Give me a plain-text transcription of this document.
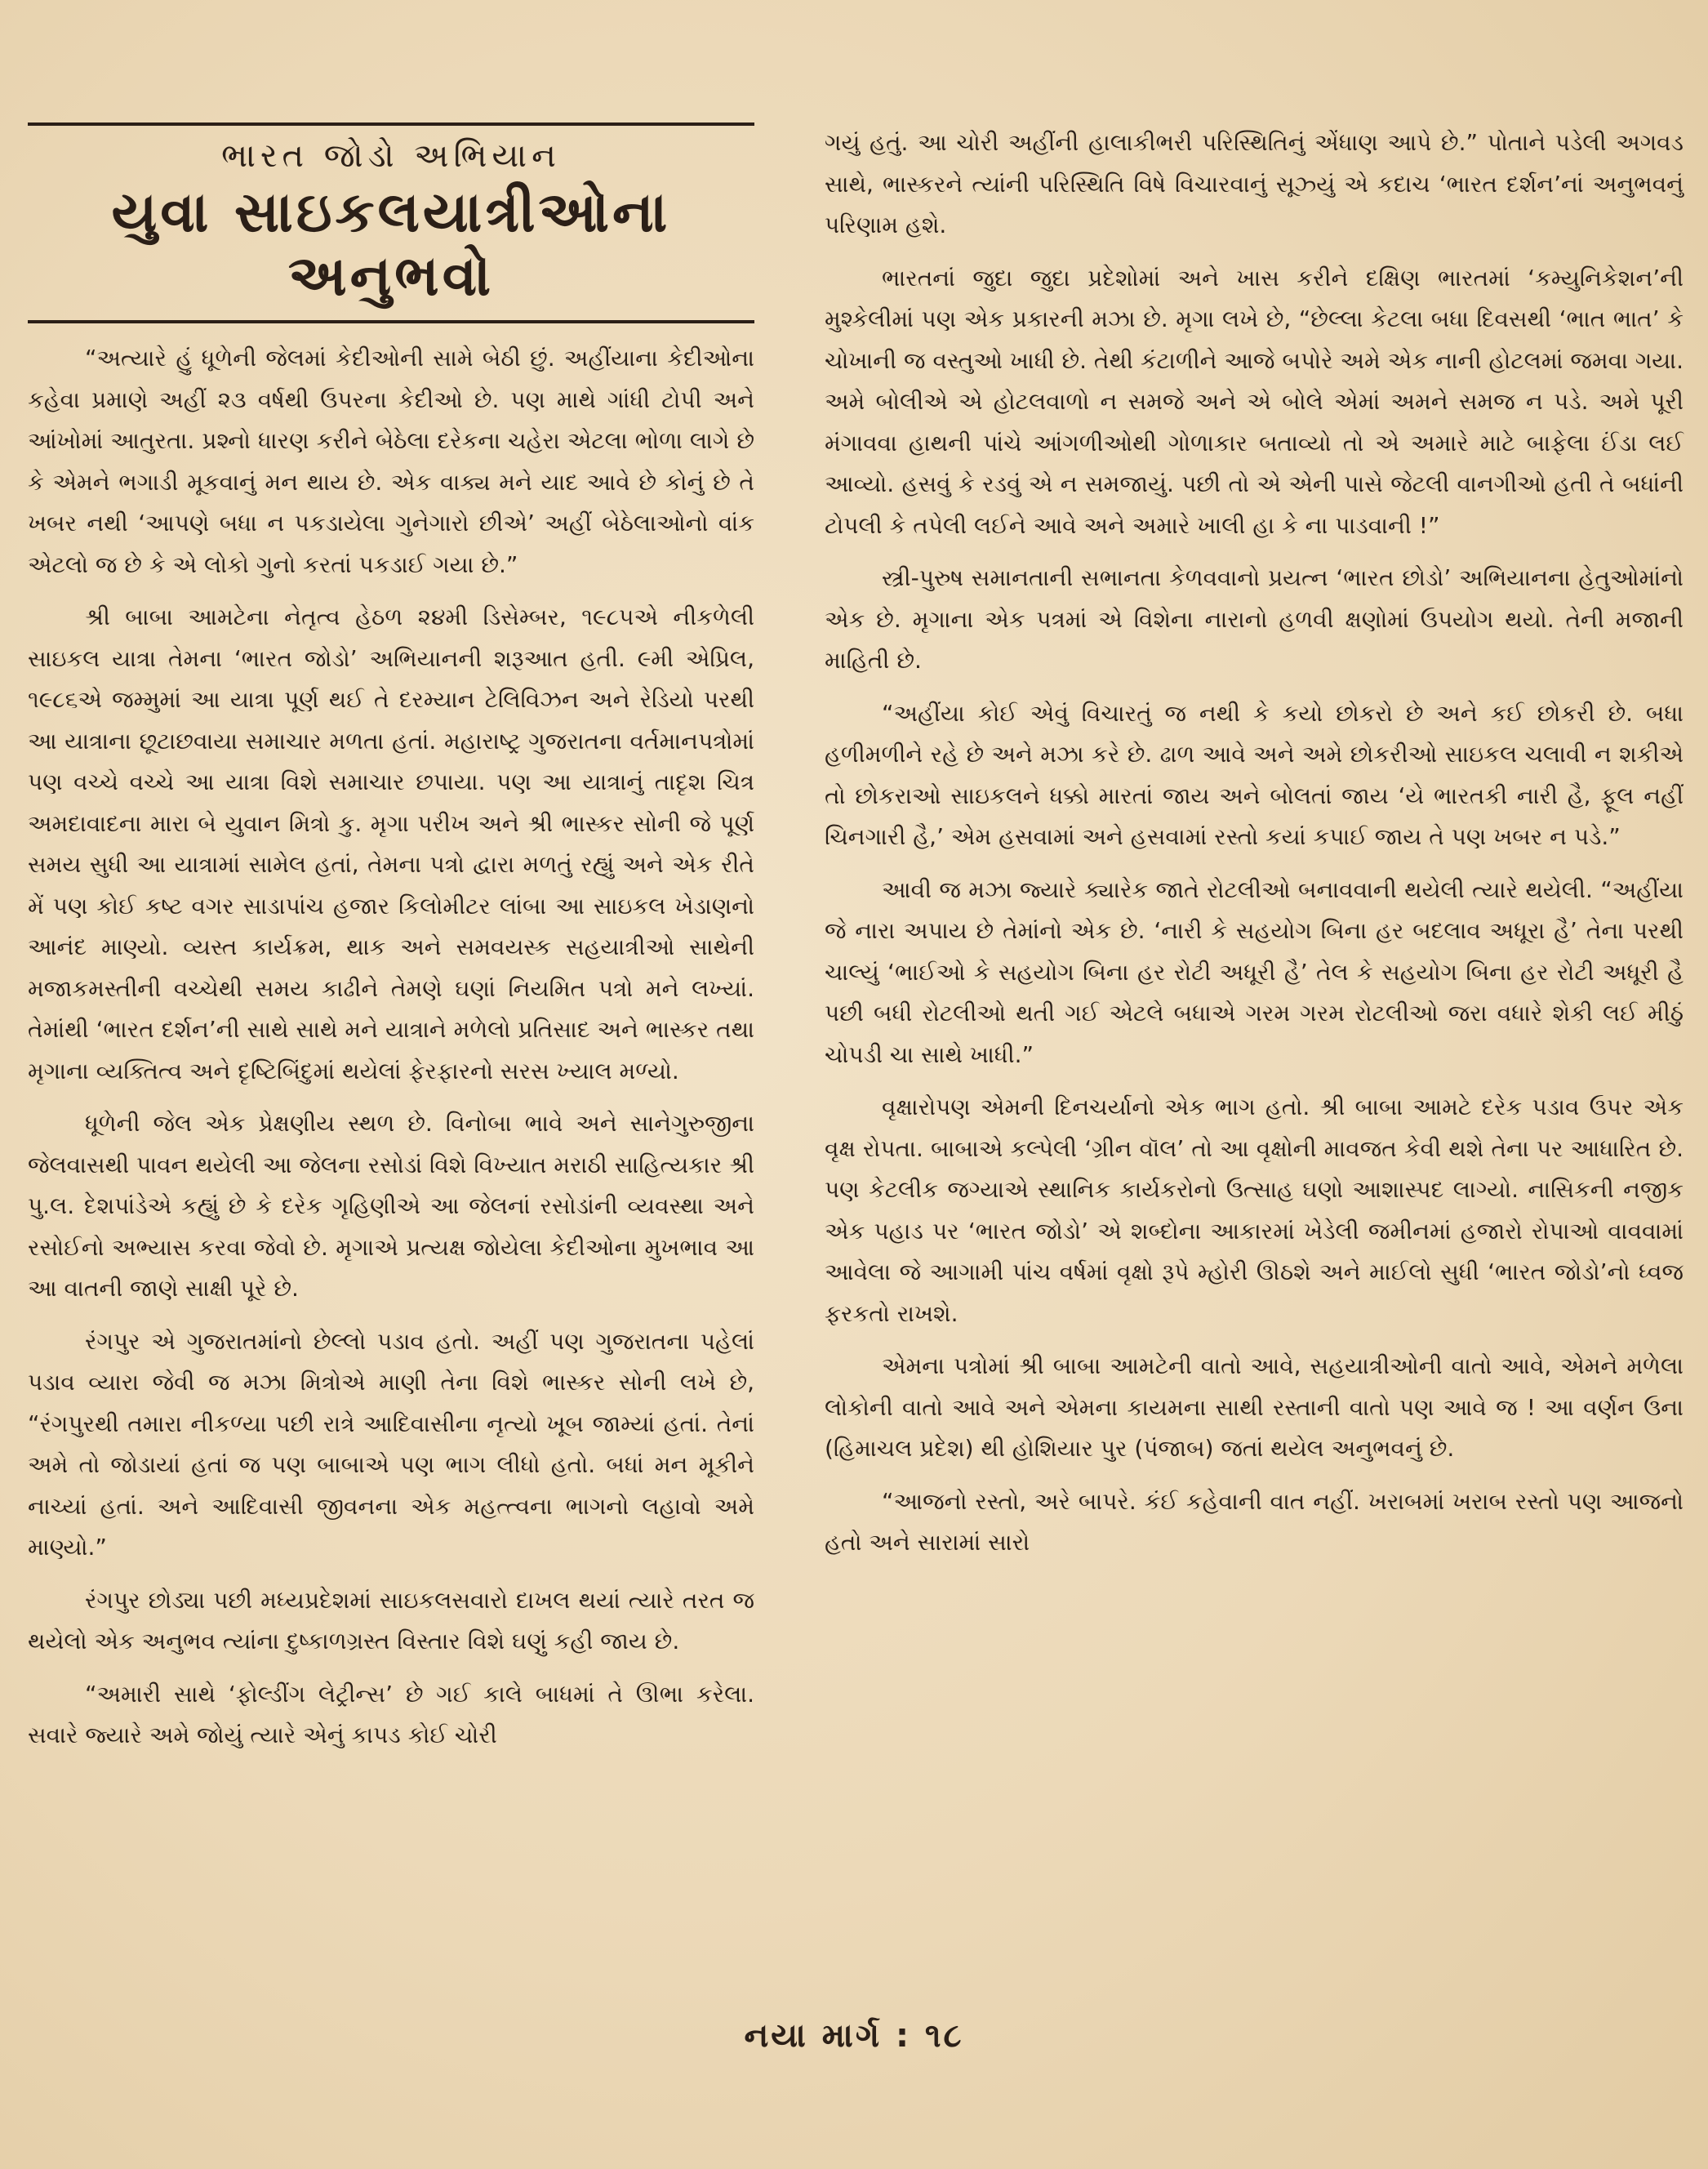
ભારત જોડો અભિયાન
યુવા સાઇકલયાત્રીઓના અનુભવો

“અત્યારે હું ધૂળેની જેલમાં કેદીઓની સામે બેઠી છું. અહીંયાના કેદીઓના કહેવા પ્રમાણે અહીં ૨૩ વર્ષથી ઉપરના કેદીઓ છે. પણ માથે ગાંધી ટોપી અને આંખોમાં આતુરતા. પ્રશ્નો ધારણ કરીને બેઠેલા દરેકના ચહેરા એટલા ભોળા લાગે છે કે એમને ભગાડી મૂકવાનું મન થાય છે. એક વાક્ય મને યાદ આવે છે કોનું છે તે ખબર નથી ‘આપણે બધા ન પકડાયેલા ગુનેગારો છીએ’ અહીં બેઠેલાઓનો વાંક એટલો જ છે કે એ લોકો ગુનો કરતાં પકડાઈ ગયા છે.”

શ્રી બાબા આમટેના નેતૃત્વ હેઠળ ૨૪મી ડિસેમ્બર, ૧૯૮૫એ નીકળેલી સાઇકલ યાત્રા તેમના ‘ભારત જોડો’ અભિયાનની શરૂઆત હતી. ૯મી એપ્રિલ, ૧૯૮૬એ જમ્મુમાં આ યાત્રા પૂર્ણ થઈ તે દરમ્યાન ટેલિવિઝન અને રેડિયો પરથી આ યાત્રાના છૂટાછવાયા સમાચાર મળતા હતાં. મહારાષ્ટ્ર ગુજરાતના વર્તમાનપત્રોમાં પણ વચ્ચે વચ્ચે આ યાત્રા વિશે સમાચાર છપાયા. પણ આ યાત્રાનું તાદૃશ ચિત્ર અમદાવાદના મારા બે યુવાન મિત્રો કુ. મૃગા પરીખ અને શ્રી ભાસ્કર સોની જે પૂર્ણ સમય સુધી આ યાત્રામાં સામેલ હતાં, તેમના પત્રો દ્વારા મળતું રહ્યું અને એક રીતે મેં પણ કોઈ કષ્ટ વગર સાડાપાંચ હજાર કિલોમીટર લાંબા આ સાઇકલ ખેડાણનો આનંદ માણ્યો. વ્યસ્ત કાર્યક્રમ, થાક અને સમવયસ્ક સહયાત્રીઓ સાથેની મજાકમસ્તીની વચ્ચેથી સમય કાઢીને તેમણે ઘણાં નિયમિત પત્રો મને લખ્યાં. તેમાંથી ‘ભારત દર્શન’ની સાથે સાથે મને યાત્રાને મળેલો પ્રતિસાદ અને ભાસ્કર તથા મૃગાના વ્યક્તિત્વ અને દૃષ્ટિબિંદુમાં થયેલાં ફેરફારનો સરસ ખ્યાલ મળ્યો.

ધૂળેની જેલ એક પ્રેક્ષણીય સ્થળ છે. વિનોબા ભાવે અને સાનેગુરુજીના જેલવાસથી પાવન થયેલી આ જેલના રસોડાં વિશે વિખ્યાત મરાઠી સાહિત્યકાર શ્રી પુ.લ. દેશપાંડેએ કહ્યું છે કે દરેક ગૃહિણીએ આ જેલનાં રસોડાંની વ્યવસ્થા અને રસોઈનો અભ્યાસ કરવા જેવો છે. મૃગાએ પ્રત્યક્ષ જોયેલા કેદીઓના મુખભાવ આ આ વાતની જાણે સાક્ષી પૂરે છે.

રંગપુર એ ગુજરાતમાંનો છેલ્લો પડાવ હતો. અહીં પણ ગુજરાતના પહેલાં પડાવ વ્યારા જેવી જ મઝા મિત્રોએ માણી તેના વિશે ભાસ્કર સોની લખે છે, “રંગપુરથી તમારા નીકળ્યા પછી રાત્રે આદિવાસીના નૃત્યો ખૂબ જામ્યાં હતાં. તેનાં અમે તો જોડાયાં હતાં જ પણ બાબાએ પણ ભાગ લીધો હતો. બધાં મન મૂકીને નાચ્યાં હતાં. અને આદિવાસી જીવનના એક મહત્ત્વના ભાગનો લહાવો અમે માણ્યો.”

રંગપુર છોડ્યા પછી મધ્યપ્રદેશમાં સાઇકલસવારો દાખલ થયાં ત્યારે તરત જ થયેલો એક અનુભવ ત્યાંના દુષ્કાળગ્રસ્ત વિસ્તાર વિશે ઘણું કહી જાય છે.

“અમારી સાથે ‘ફોલ્ડીંગ લેટ્રીન્સ’ છે ગઈ કાલે બાધમાં તે ઊભા કરેલા. સવારે જ્યારે અમે જોયું ત્યારે એનું કાપડ કોઈ ચોરી

ગયું હતું. આ ચોરી અહીંની હાલાકીભરી પરિસ્થિતિનું એંધાણ આપે છે.” પોતાને પડેલી અગવડ સાથે, ભાસ્કરને ત્યાંની પરિસ્થિતિ વિષે વિચારવાનું સૂઝ્યું એ કદાચ ‘ભારત દર્શન’નાં અનુભવનું પરિણામ હશે.

ભારતનાં જુદા જુદા પ્રદેશોમાં અને ખાસ કરીને દક્ષિણ ભારતમાં ‘કમ્યુનિકેશન’ની મુશ્કેલીમાં પણ એક પ્રકારની મઝા છે. મૃગા લખે છે, “છેલ્લા કેટલા બધા દિવસથી ‘ભાત ભાત’ કે ચોખાની જ વસ્તુઓ ખાધી છે. તેથી કંટાળીને આજે બપોરે અમે એક નાની હોટલમાં જમવા ગયા. અમે બોલીએ એ હોટલવાળો ન સમજે અને એ બોલે એમાં અમને સમજ ન પડે. અમે પૂરી મંગાવવા હાથની પાંચે આંગળીઓથી ગોળાકાર બતાવ્યો તો એ અમારે માટે બાફેલા ઈંડા લઈ આવ્યો. હસવું કે રડવું એ ન સમજાયું. પછી તો એ એની પાસે જેટલી વાનગીઓ હતી તે બધાંની ટોપલી કે તપેલી લઈને આવે અને અમારે ખાલી હા કે ના પાડવાની !”

સ્ત્રી-પુરુષ સમાનતાની સભાનતા કેળવવાનો પ્રયત્ન ‘ભારત છોડો’ અભિયાનના હેતુઓમાંનો એક છે. મૃગાના એક પત્રમાં એ વિશેના નારાનો હળવી ક્ષણોમાં ઉપયોગ થયો. તેની મજાની માહિતી છે.

“અહીંયા કોઈ એવું વિચારતું જ નથી કે કયો છોકરો છે અને કઈ છોકરી છે. બધા હળીમળીને રહે છે અને મઝા કરે છે. ઢાળ આવે અને અમે છોકરીઓ સાઇકલ ચલાવી ન શકીએ તો છોકરાઓ સાઇકલને ધક્કો મારતાં જાય અને બોલતાં જાય ‘યે ભારતકી નારી હૈ, ફૂલ નહીં ચિનગારી હૈ,’ એમ હસવામાં અને હસવામાં રસ્તો કયાં કપાઈ જાય તે પણ ખબર ન પડે.”

આવી જ મઝા જ્યારે ક્યારેક જાતે રોટલીઓ બનાવવાની થયેલી ત્યારે થયેલી. “અહીંયા જે નારા અપાય છે તેમાંનો એક છે. ‘નારી કે સહયોગ બિના હર બદલાવ અધૂરા હૈ’ તેના પરથી ચાલ્યું ‘ભાઈઓ કે સહયોગ બિના હર રોટી અધૂરી હૈ’ તેલ કે સહયોગ બિના હર રોટી અધૂરી હૈ પછી બધી રોટલીઓ થતી ગઈ એટલે બધાએ ગરમ ગરમ રોટલીઓ જરા વધારે શેકી લઈ મીઠું ચોપડી ચા સાથે ખાધી.”

વૃક્ષારોપણ એમની દિનચર્યાનો એક ભાગ હતો. શ્રી બાબા આમટે દરેક પડાવ ઉપર એક વૃક્ષ રોપતા. બાબાએ કલ્પેલી ‘ગ્રીન વૉલ’ તો આ વૃક્ષોની માવજત કેવી થશે તેના પર આધારિત છે. પણ કેટલીક જગ્યાએ સ્થાનિક કાર્યકરોનો ઉત્સાહ ઘણો આશાસ્પદ લાગ્યો. નાસિકની નજીક એક પહાડ પર ‘ભારત જોડો’ એ શબ્દોના આકારમાં ખેડેલી જમીનમાં હજારો રોપાઓ વાવવામાં આવેલા જે આગામી પાંચ વર્ષમાં વૃક્ષો રૂપે મ્હોરી ઊઠશે અને માઈલો સુધી ‘ભારત જોડો’નો ધ્વજ ફરકતો રાખશે.

એમના પત્રોમાં શ્રી બાબા આમટેની વાતો આવે, સહયાત્રીઓની વાતો આવે, એમને મળેલા લોકોની વાતો આવે અને એમના કાયમના સાથી રસ્તાની વાતો પણ આવે જ ! આ વર્ણન ઉના (હિમાચલ પ્રદેશ) થી હોશિયાર પુર (પંજાબ) જતાં થયેલ અનુભવનું છે.

“આજનો રસ્તો, અરે બાપરે. કંઈ કહેવાની વાત નહીં. ખરાબમાં ખરાબ રસ્તો પણ આજનો હતો અને સારામાં સારો

નયા માર્ગ : ૧૮
